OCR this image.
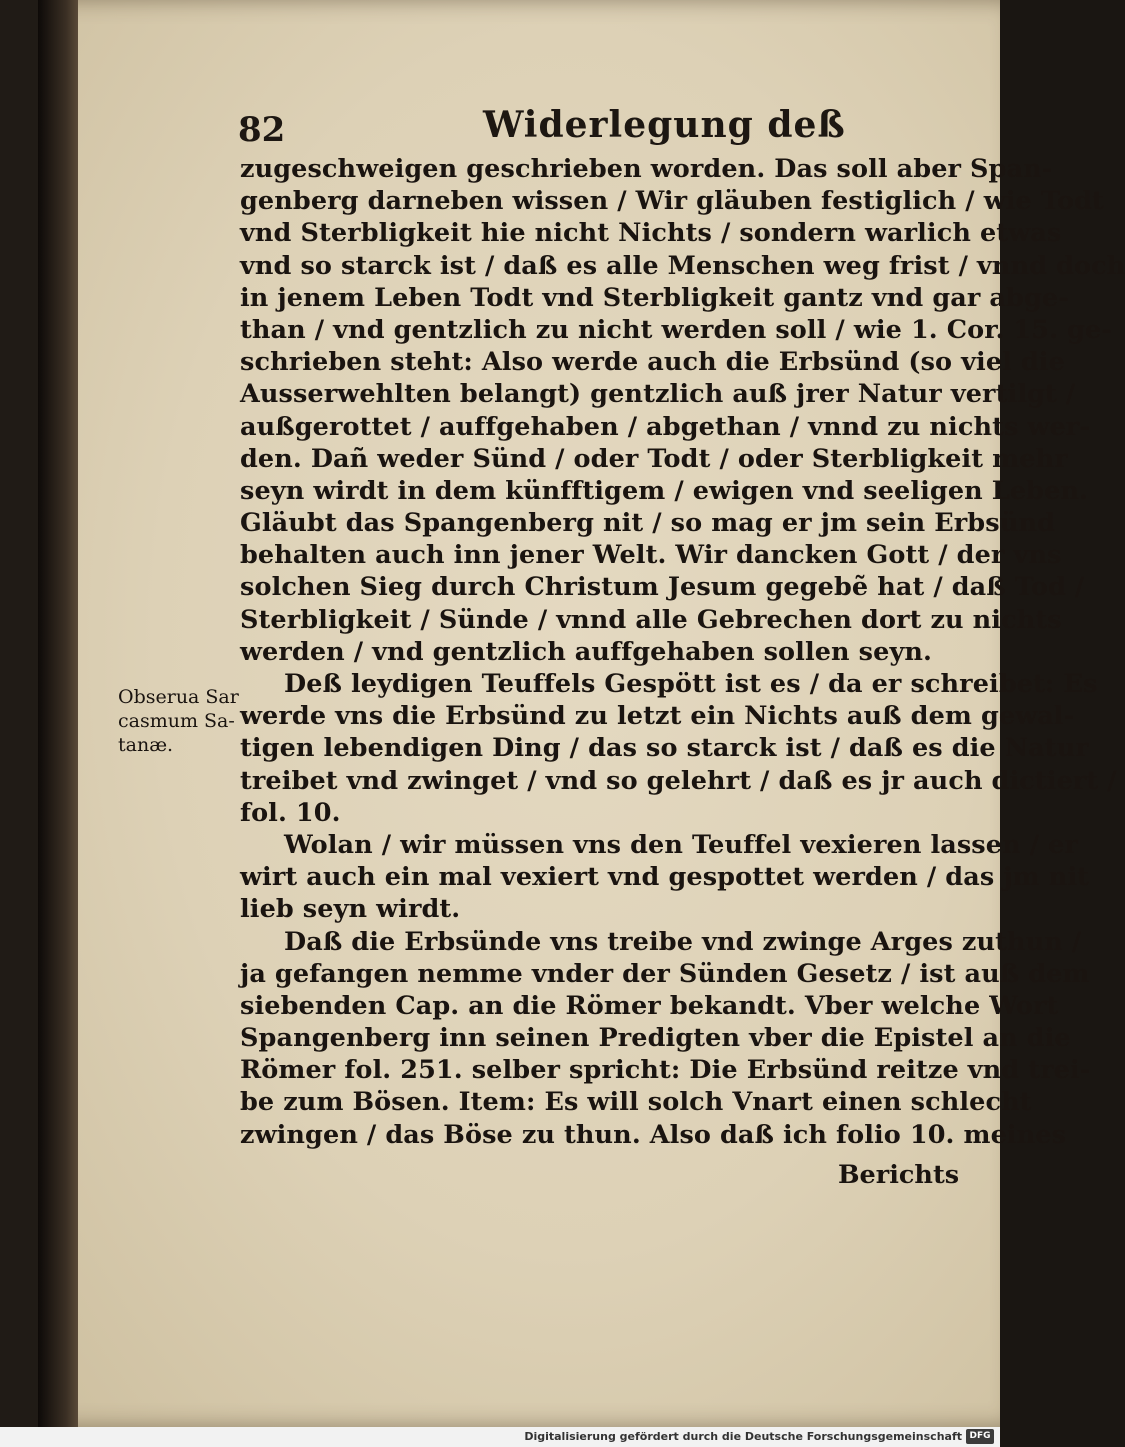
82	Widerlegung deß
Obserua Sar
casmum Sa-
tanæ.
zugeschweigen geschrieben worden. Das soll aber Span-
genberg darneben wissen / Wir gläuben festiglich / wie Todt
vnd Sterbligkeit hie nicht Nichts / sondern warlich etwas
vnd so starck ist / daß es alle Menschen weg frist / vnnd doch
in jenem Leben Todt vnd Sterbligkeit gantz vnd gar abge-
than / vnd gentzlich zu nicht werden soll / wie 1. Cor. 15. ge-
schrieben steht: Also werde auch die Erbsünd (so viel die
Ausserwehlten belangt) gentzlich auß jrer Natur vertilgt /
außgerottet / auffgehaben / abgethan / vnnd zu nichts wer-
den. Dañ weder Sünd / oder Todt / oder Sterbligkeit mehr
seyn wirdt in dem künfftigem / ewigen vnd seeligen Leben.
Gläubt das Spangenberg nit / so mag er jm sein Erbsünd
behalten auch inn jener Welt. Wir dancken Gott / der vns
solchen Sieg durch Christum Jesum gegebẽ hat / daß Tod /
Sterbligkeit / Sünde / vnnd alle Gebrechen dort zu nichts
werden / vnd gentzlich auffgehaben sollen seyn.
Deß leydigen Teuffels Gespött ist es / da er schreibet: Es
werde vns die Erbsünd zu letzt ein Nichts auß dem gewal-
tigen lebendigen Ding / das so starck ist / daß es die Natur
treibet vnd zwinget / vnd so gelehrt / daß es jr auch dictiert /
fol. 10.
Wolan / wir müssen vns den Teuffel vexieren lassen / er
wirt auch ein mal vexiert vnd gespottet werden / das jm nit
lieb seyn wirdt.
Daß die Erbsünde vns treibe vnd zwinge Arges zuthun /
ja gefangen nemme vnder der Sünden Gesetz / ist auß dem
siebenden Cap. an die Römer bekandt. Vber welche Wort
Spangenberg inn seinen Predigten vber die Epistel an die
Römer fol. 251. selber spricht: Die Erbsünd reitze vnd trei-
be zum Bösen. Item: Es will solch Vnart einen schlecht
zwingen / das Böse zu thun. Also daß ich folio 10. meines
Berichts
Digitalisierung gefördert durch die Deutsche Forschungsgemeinschaft DFG
